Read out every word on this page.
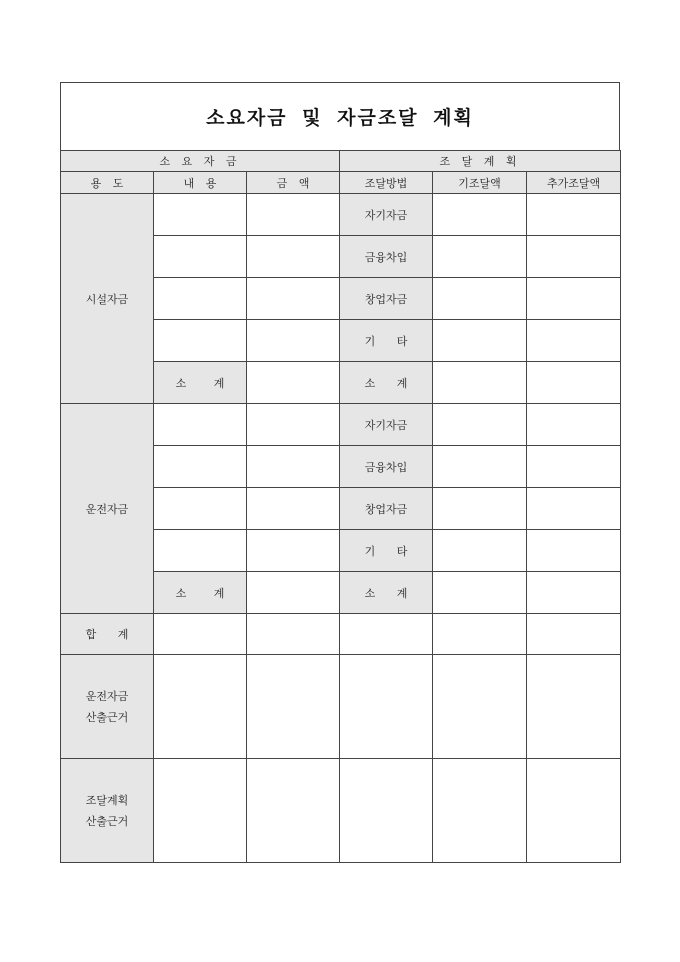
소요자금 및 자금조달 계획
소 요 자 금			조 달 계 획		
용 도	내 용	금 액	조달방법	기조달액	추가조달액
시설자금			자기자금		
			금융차입		
			창업자금		
			기 타		
	소 계		소 계		
운전자금			자기자금		
			금융차입		
			창업자금		
			기 타		
	소 계		소 계		
합 계					

운전자금
산출근거					

조달계획
산출근거					
